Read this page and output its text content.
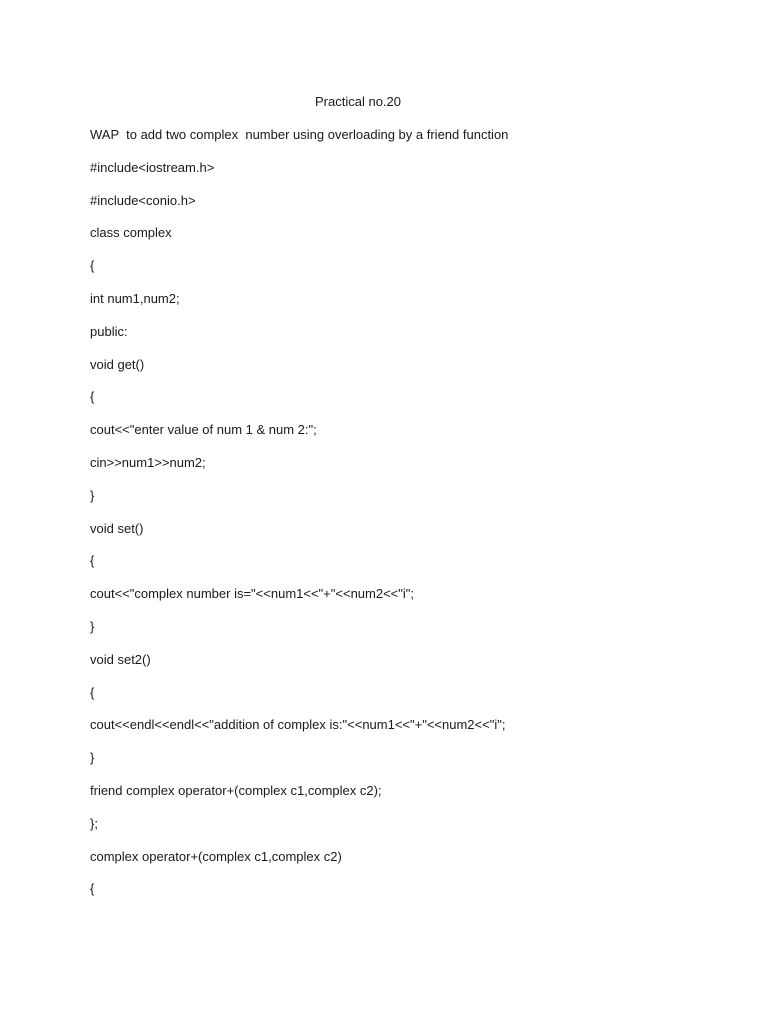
Practical no.20
WAP  to add two complex  number using overloading by a friend function
#include<iostream.h>
#include<conio.h>
class complex
{
int num1,num2;
public:
void get()
{
cout<<"enter value of num 1 & num 2:";
cin>>num1>>num2;
}
void set()
{
cout<<"complex number is="<<num1<<"+"<<num2<<"i";
}
void set2()
{
cout<<endl<<endl<<"addition of complex is:"<<num1<<"+"<<num2<<"i";
}
friend complex operator+(complex c1,complex c2);
};
complex operator+(complex c1,complex c2)
{
